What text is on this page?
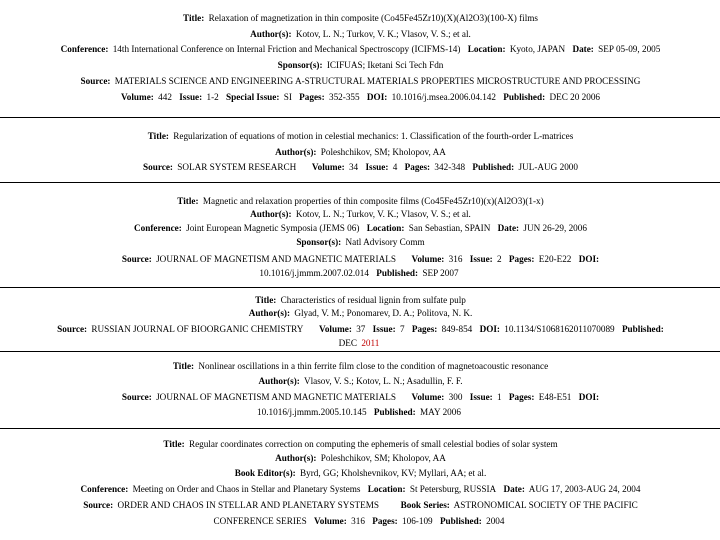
Title: Relaxation of magnetization in thin composite (Co45Fe45Zr10)(X)(Al2O3)(100-X) films
Author(s): Kotov, L. N.; Turkov, V. K.; Vlasov, V. S.; et al.
Conference: 14th International Conference on Internal Friction and Mechanical Spectroscopy (ICIFMS-14) Location: Kyoto, JAPAN Date: SEP 05-09, 2005
Sponsor(s): ICIFUAS; Iketani Sci Tech Fdn
Source: MATERIALS SCIENCE AND ENGINEERING A-STRUCTURAL MATERIALS PROPERTIES MICROSTRUCTURE AND PROCESSING
Volume: 442 Issue: 1-2 Special Issue: SI Pages: 352-355 DOI: 10.1016/j.msea.2006.04.142 Published: DEC 20 2006
Title: Regularization of equations of motion in celestial mechanics: 1. Classification of the fourth-order L-matrices
Author(s): Poleshchikov, SM; Kholopov, AA
Source: SOLAR SYSTEM RESEARCH Volume: 34 Issue: 4 Pages: 342-348 Published: JUL-AUG 2000
Title: Magnetic and relaxation properties of thin composite films (Co45Fe45Zr10)(x)(Al2O3)(1-x)
Author(s): Kotov, L. N.; Turkov, V. K.; Vlasov, V. S.; et al.
Conference: Joint European Magnetic Symposia (JEMS 06) Location: San Sebastian, SPAIN Date: JUN 26-29, 2006
Sponsor(s): Natl Advisory Comm
Source: JOURNAL OF MAGNETISM AND MAGNETIC MATERIALS Volume: 316 Issue: 2 Pages: E20-E22 DOI:
10.1016/j.jmmm.2007.02.014 Published: SEP 2007
Title: Characteristics of residual lignin from sulfate pulp
Author(s): Glyad, V. M.; Ponomarev, D. A.; Politova, N. K.
Source: RUSSIAN JOURNAL OF BIOORGANIC CHEMISTRY Volume: 37 Issue: 7 Pages: 849-854 DOI: 10.1134/S1068162011070089 Published:
DEC 2011
Title: Nonlinear oscillations in a thin ferrite film close to the condition of magnetoacoustic resonance
Author(s): Vlasov, V. S.; Kotov, L. N.; Asadullin, F. F.
Source: JOURNAL OF MAGNETISM AND MAGNETIC MATERIALS Volume: 300 Issue: 1 Pages: E48-E51 DOI:
10.1016/j.jmmm.2005.10.145 Published: MAY 2006
Title: Regular coordinates correction on computing the ephemeris of small celestial bodies of solar system
Author(s): Poleshchikov, SM; Kholopov, AA
Book Editor(s): Byrd, GG; Kholshevnikov, KV; Myllari, AA; et al.
Conference: Meeting on Order and Chaos in Stellar and Planetary Systems Location: St Petersburg, RUSSIA Date: AUG 17, 2003-AUG 24, 2004
Source: ORDER AND CHAOS IN STELLAR AND PLANETARY SYSTEMS Book Series: ASTRONOMICAL SOCIETY OF THE PACIFIC
CONFERENCE SERIES Volume: 316 Pages: 106-109 Published: 2004
